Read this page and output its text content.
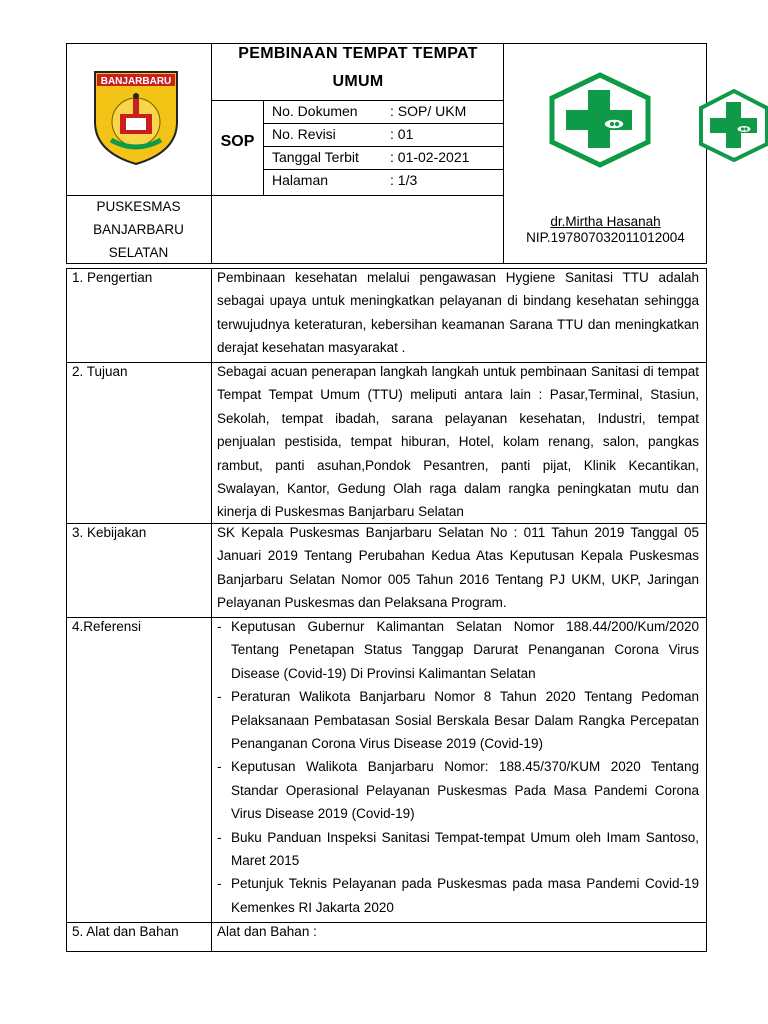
BANJARBARU
PEMBINAAN TEMPAT TEMPAT
UMUM
SOP
No. Dokumen : SOP/ UKM
No. Revisi	: 01
Tanggal Terbit : 01-02-2021
Halaman	: 1/3
PUSKESMAS
BANJARBARU
SELATAN
dr.Mirtha Hasanah
NIP.197807032011012004
1. Pengertian	Pembinaan kesehatan melalui pengawasan Hygiene Sanitasi TTU adalah sebagai upaya untuk meningkatkan pelayanan di bindang kesehatan sehingga terwujudnya keteraturan, kebersihan keamanan Sarana TTU dan meningkatkan derajat kesehatan masyarakat .

2. Tujuan	Sebagai acuan penerapan langkah langkah untuk pembinaan Sanitasi di tempat Tempat Tempat Umum (TTU) meliputi antara lain : Pasar,Terminal, Stasiun, Sekolah, tempat ibadah, sarana pelayanan kesehatan, Industri, tempat penjualan pestisida, tempat hiburan, Hotel, kolam renang, salon, pangkas rambut, panti asuhan,Pondok Pesantren, panti pijat, Klinik Kecantikan, Swalayan, Kantor, Gedung Olah raga dalam rangka peningkatan mutu dan kinerja di Puskesmas Banjarbaru Selatan

3. Kebijakan	SK Kepala Puskesmas Banjarbaru Selatan No : 011 Tahun 2019 Tanggal 05 Januari 2019 Tentang Perubahan Kedua Atas Keputusan Kepala Puskesmas Banjarbaru Selatan Nomor 005 Tahun 2016 Tentang PJ UKM, UKP, Jaringan Pelayanan Puskesmas dan Pelaksana Program.

4.Referensi
-	Keputusan Gubernur Kalimantan Selatan Nomor 188.44/200/Kum/2020 Tentang Penetapan Status Tanggap Darurat Penanganan Corona Virus Disease (Covid-19) Di Provinsi Kalimantan Selatan
- Peraturan Walikota Banjarbaru Nomor 8 Tahun 2020 Tentang Pedoman Pelaksanaan Pembatasan Sosial Berskala Besar Dalam Rangka Percepatan Penanganan Corona Virus Disease 2019 (Covid-19)
- Keputusan Walikota Banjarbaru Nomor: 188.45/370/KUM 2020 Tentang Standar Operasional Pelayanan Puskesmas Pada Masa Pandemi Corona Virus Disease 2019 (Covid-19)
- Buku Panduan Inspeksi Sanitasi Tempat-tempat Umum oleh Imam Santoso, Maret 2015
- Petunjuk Teknis Pelayanan pada Puskesmas pada masa Pandemi Covid-19 Kemenkes RI Jakarta 2020
5. Alat dan Bahan	Alat dan Bahan :
